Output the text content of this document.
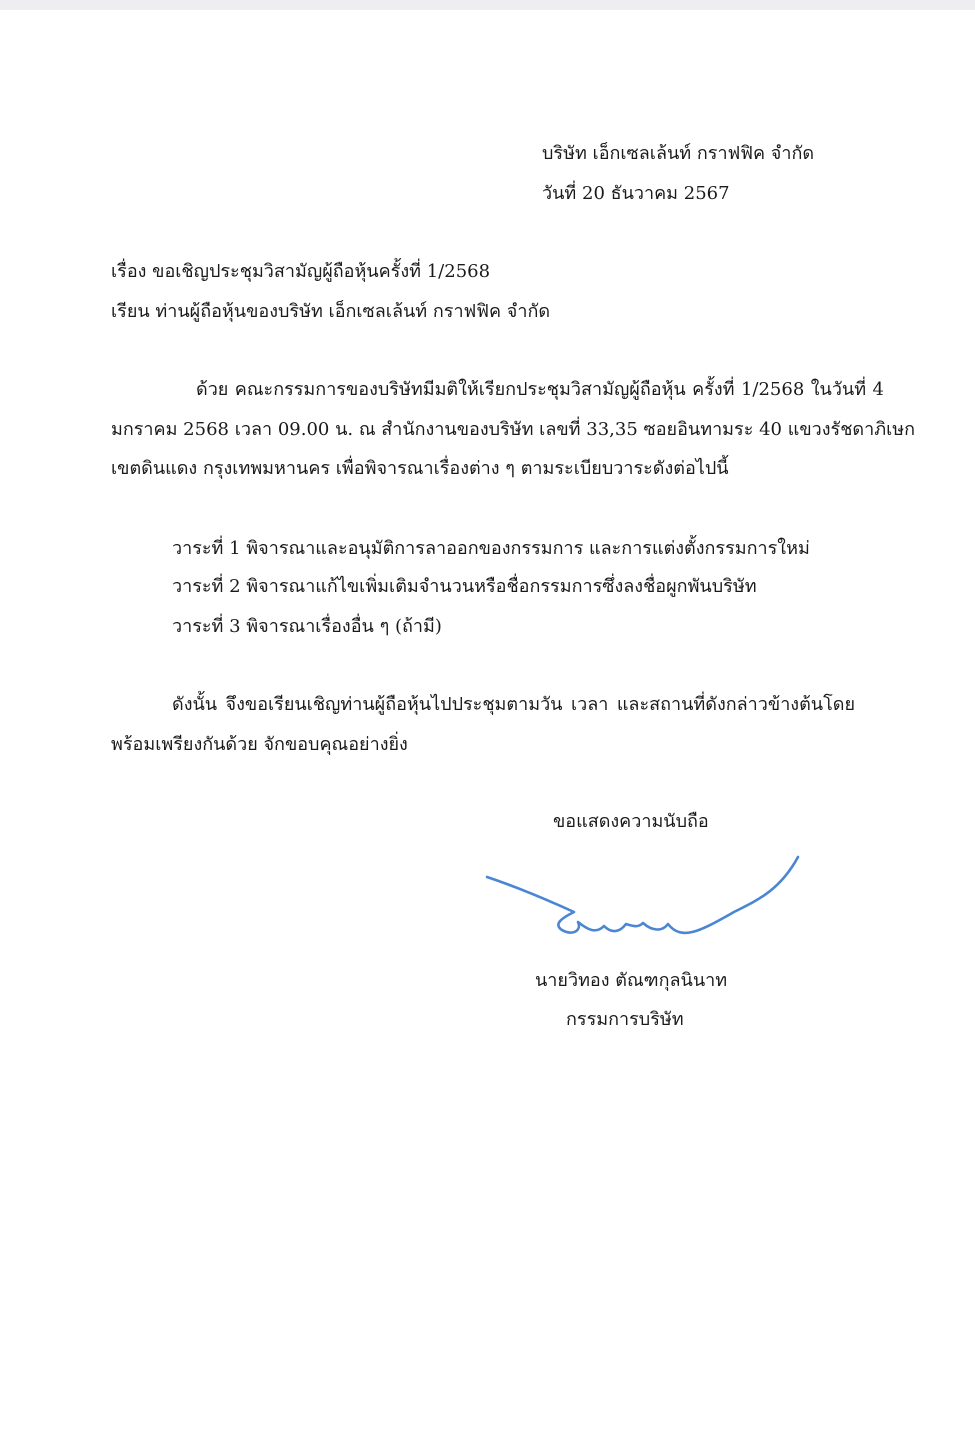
บริษัท เอ็กเซลเล้นท์ กราฟฟิค จำกัด
วันที่ 20 ธันวาคม 2567
เรื่อง ขอเชิญประชุมวิสามัญผู้ถือหุ้นครั้งที่ 1/2568
เรียน ท่านผู้ถือหุ้นของบริษัท เอ็กเซลเล้นท์ กราฟฟิค จำกัด
ด้วย คณะกรรมการของบริษัทมีมติให้เรียกประชุมวิสามัญผู้ถือหุ้น ครั้งที่ 1/2568 ในวันที่ 4
มกราคม 2568 เวลา 09.00 น. ณ สำนักงานของบริษัท เลขที่ 33,35 ซอยอินทามระ 40 แขวงรัชดาภิเษก
เขตดินแดง กรุงเทพมหานคร เพื่อพิจารณาเรื่องต่าง ๆ ตามระเบียบวาระดังต่อไปนี้
วาระที่ 1 พิจารณาและอนุมัติการลาออกของกรรมการ และการแต่งตั้งกรรมการใหม่
วาระที่ 2 พิจารณาแก้ไขเพิ่มเติมจำนวนหรือชื่อกรรมการซึ่งลงชื่อผูกพันบริษัท
วาระที่ 3 พิจารณาเรื่องอื่น ๆ (ถ้ามี)
ดังนั้น จึงขอเรียนเชิญท่านผู้ถือหุ้นไปประชุมตามวัน เวลา และสถานที่ดังกล่าวข้างต้นโดย
พร้อมเพรียงกันด้วย จักขอบคุณอย่างยิ่ง
ขอแสดงความนับถือ
นายวิทอง ตัณฑกุลนินาท
กรรมการบริษัท
